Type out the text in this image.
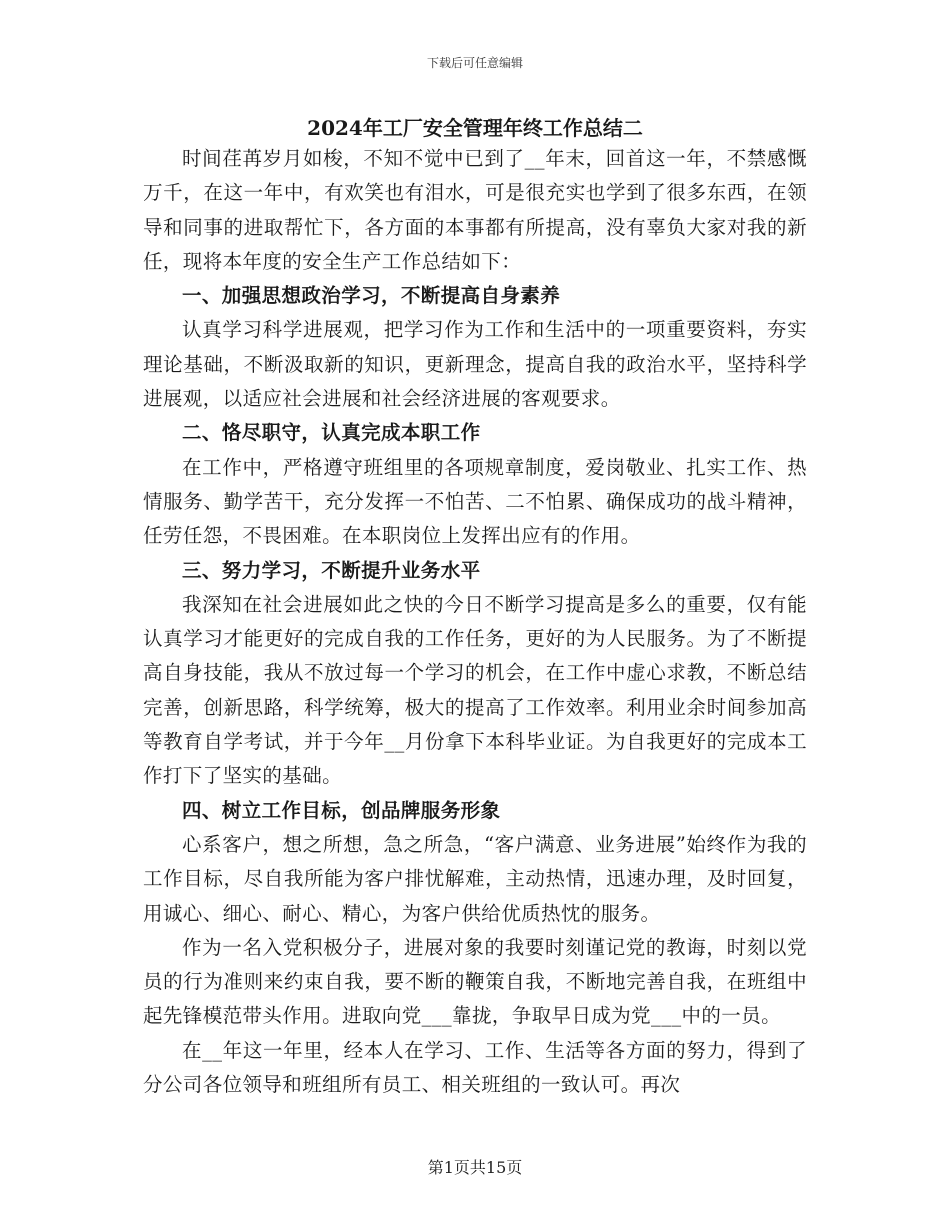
下载后可任意编辑
2024年工厂安全管理年终工作总结二

时间荏苒岁月如梭，不知不觉中已到了__年末，回首这一年，不禁感慨万千，在这一年中，有欢笑也有泪水，可是很充实也学到了很多东西，在领导和同事的进取帮忙下，各方面的本事都有所提高，没有辜负大家对我的新任，现将本年度的安全生产工作总结如下：

一、加强思想政治学习，不断提高自身素养

认真学习科学进展观，把学习作为工作和生活中的一项重要资料，夯实理论基础，不断汲取新的知识，更新理念，提高自我的政治水平，坚持科学进展观，以适应社会进展和社会经济进展的客观要求。

二、恪尽职守，认真完成本职工作

在工作中，严格遵守班组里的各项规章制度，爱岗敬业、扎实工作、热情服务、勤学苦干，充分发挥一不怕苦、二不怕累、确保成功的战斗精神，任劳任怨，不畏困难。在本职岗位上发挥出应有的作用。

三、努力学习，不断提升业务水平

我深知在社会进展如此之快的今日不断学习提高是多么的重要，仅有能认真学习才能更好的完成自我的工作任务，更好的为人民服务。为了不断提高自身技能，我从不放过每一个学习的机会，在工作中虚心求教，不断总结完善，创新思路，科学统筹，极大的提高了工作效率。利用业余时间参加高等教育自学考试，并于今年__月份拿下本科毕业证。为自我更好的完成本工作打下了坚实的基础。

四、树立工作目标，创品牌服务形象

心系客户，想之所想，急之所急，“客户满意、业务进展”始终作为我的工作目标，尽自我所能为客户排忧解难，主动热情，迅速办理，及时回复，用诚心、细心、耐心、精心，为客户供给优质热忱的服务。

作为一名入党积极分子，进展对象的我要时刻谨记党的教诲，时刻以党员的行为准则来约束自我，要不断的鞭策自我，不断地完善自我，在班组中起先锋模范带头作用。进取向党___靠拢，争取早日成为党___中的一员。

在__年这一年里，经本人在学习、工作、生活等各方面的努力，得到了分公司各位领导和班组所有员工、相关班组的一致认可。再次

第1页共15页
